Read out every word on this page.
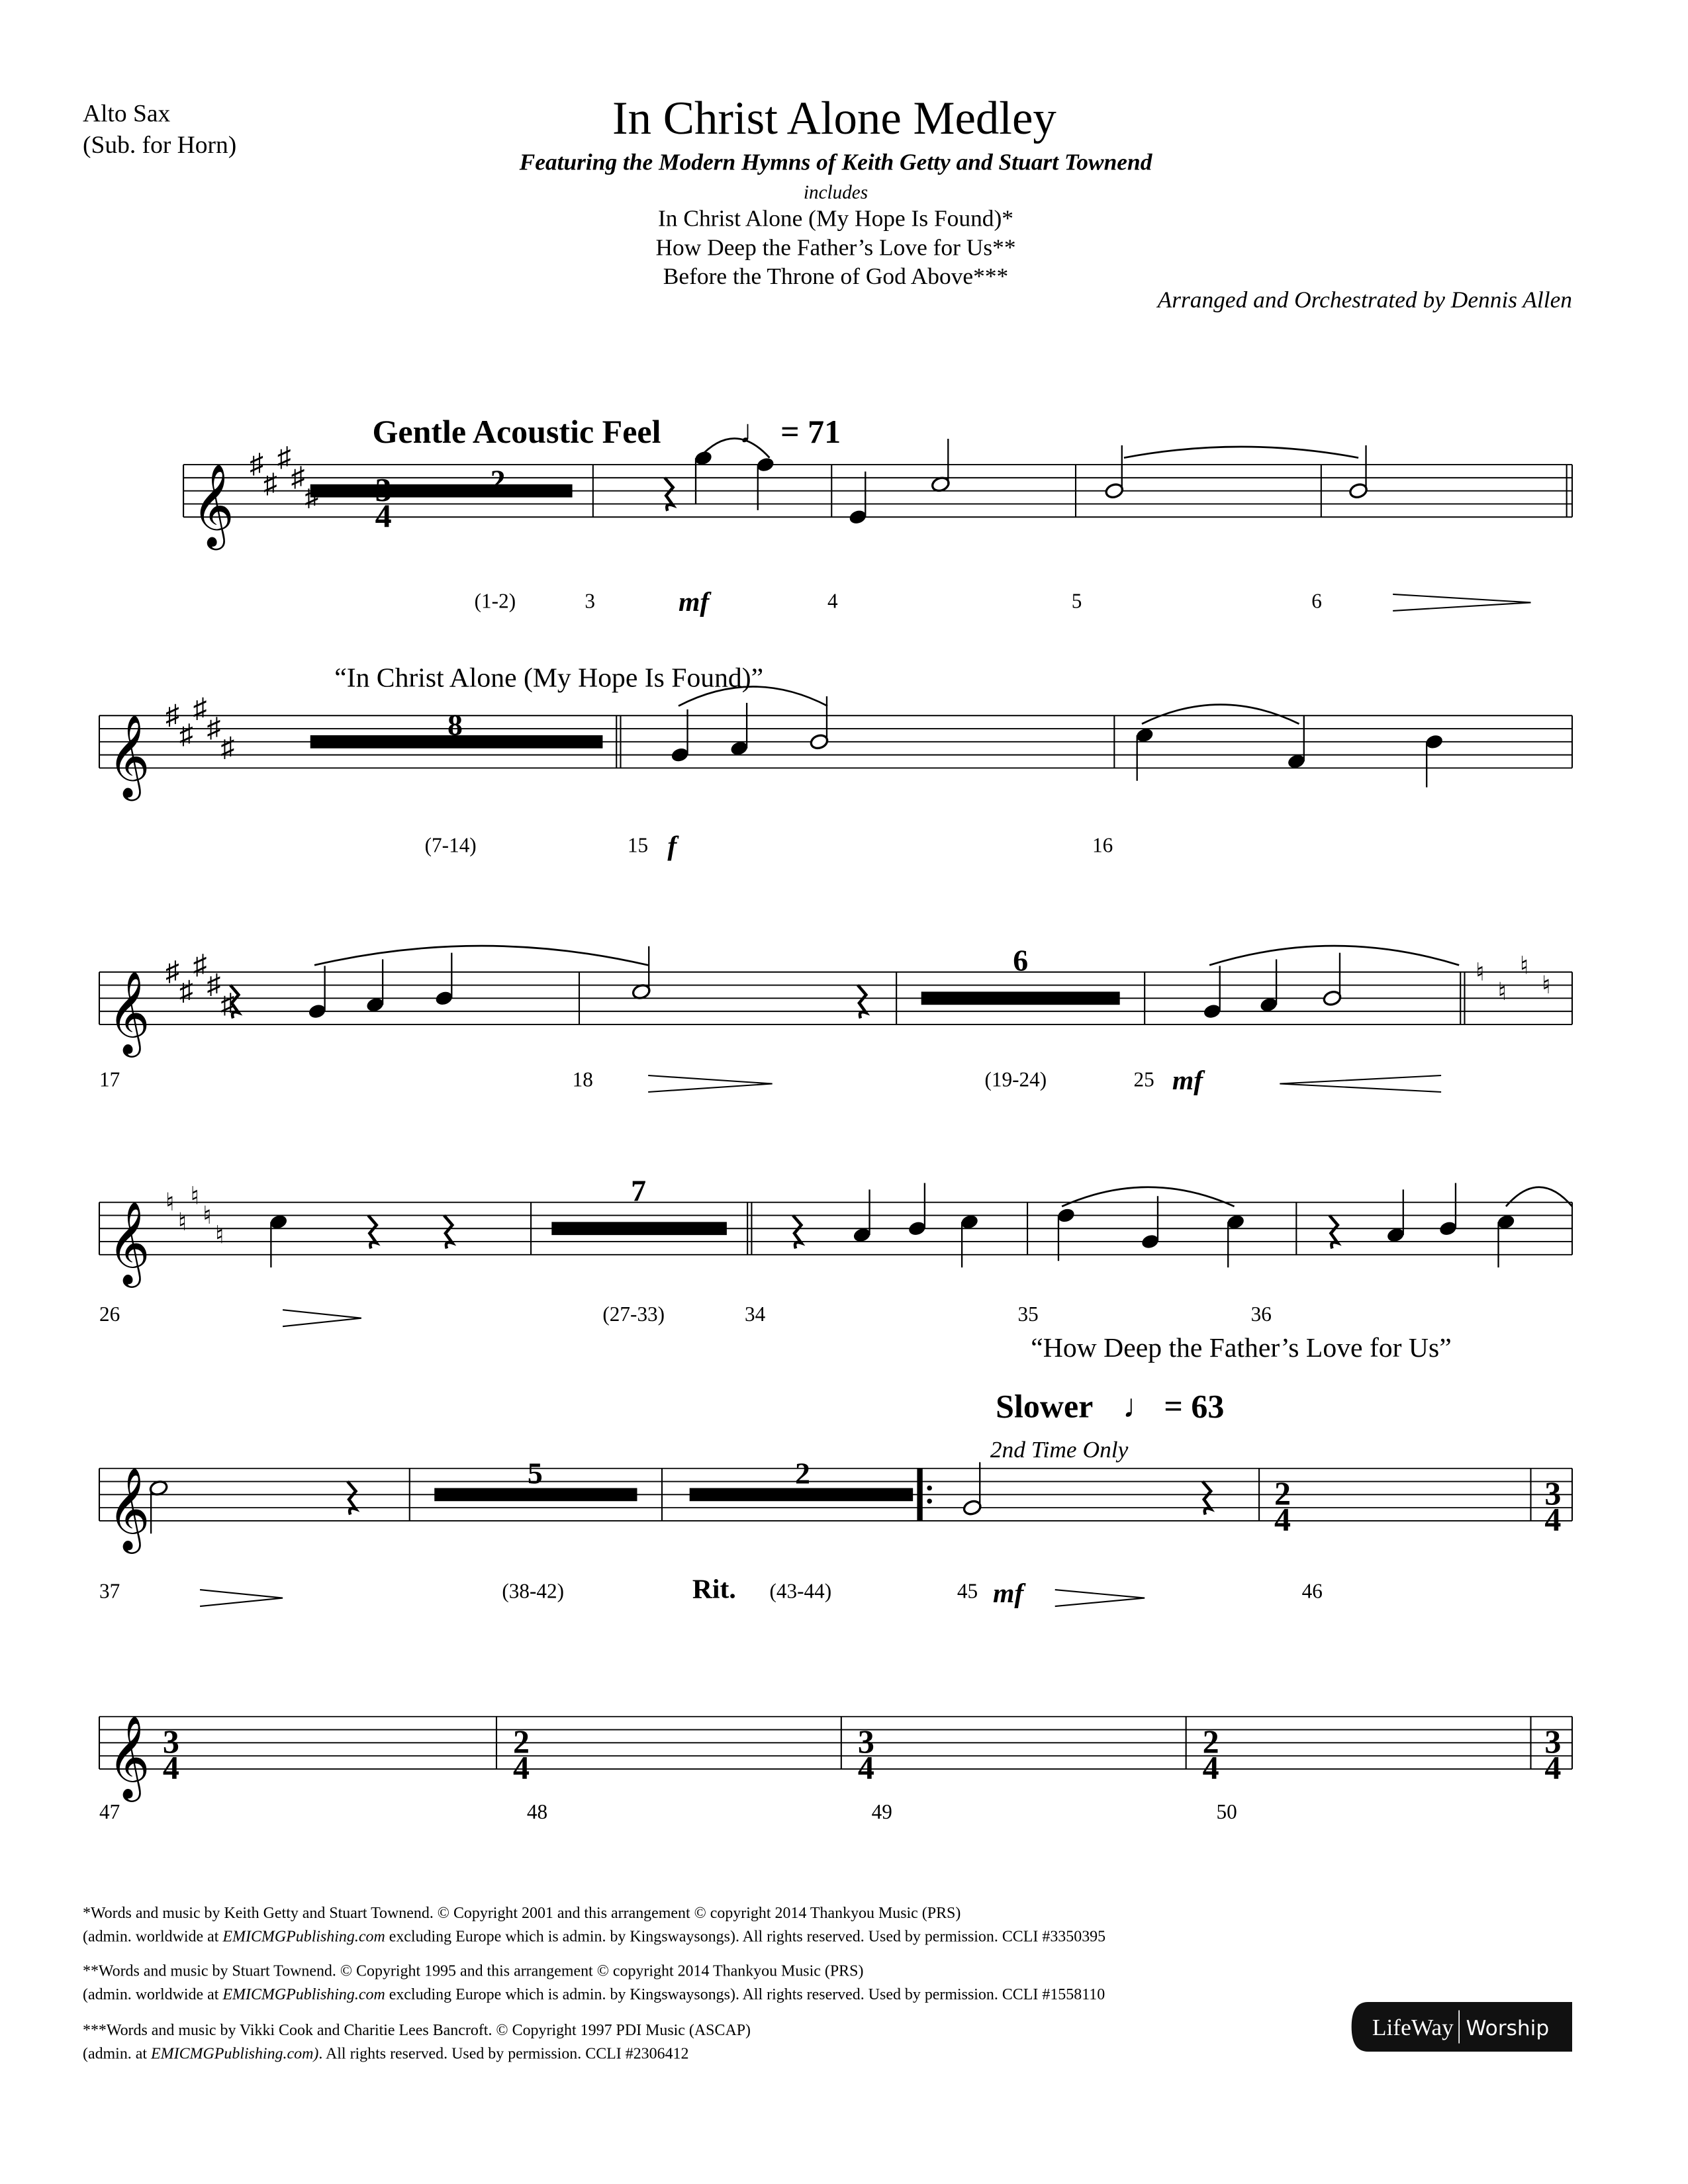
Alto Sax
(Sub. for Horn)
In Christ Alone Medley
Featuring the Modern Hymns of Keith Getty and Stuart Townend
includes
In Christ Alone (My Hope Is Found)*
How Deep the Father’s Love for Us**
Before the Throne of God Above***
Arranged and Orchestrated by Dennis Allen
𝄞
♯
♯
♯
♯
♯
𝄞
♯
♯
♯
♯
♯
𝄞
♯
♯
♯
♯
♯
♮
♮
♮
♮
𝄞
♮
♮
♮
♮
♮
𝄞
𝄞
Gentle Acoustic Feel	♩ = 71
3
4
2
(1-2)	3	mf	4	5	6
“In Christ Alone (My Hope Is Found)”
8
(7-14)	15 f	16
6
17	18	(19-24)	25 mf
7
26	(27-33)	34	35	36
“How Deep the Father’s Love for Us”
Slower ♩ = 63
2nd Time Only
5	2
37	(38-42)	Rit.	(43-44)	45 mf	46
2
4
3
4
47	48	49	50
3
4
2
4
3
4
2
4
3
4
*Words and music by Keith Getty and Stuart Townend. © Copyright 2001 and this arrangement © copyright 2014 Thankyou Music (PRS)
(admin. worldwide at EMICMGPublishing.com excluding Europe which is admin. by Kingswaysongs). All rights reserved. Used by permission. CCLI #3350395
**Words and music by Stuart Townend. © Copyright 1995 and this arrangement © copyright 2014 Thankyou Music (PRS)
(admin. worldwide at EMICMGPublishing.com excluding Europe which is admin. by Kingswaysongs). All rights reserved. Used by permission. CCLI #1558110
***Words and music by Vikki Cook and Charitie Lees Bancroft. © Copyright 1997 PDI Music (ASCAP)
(admin. at EMICMGPublishing.com). All rights reserved. Used by permission. CCLI #2306412
LifeWay Worship
